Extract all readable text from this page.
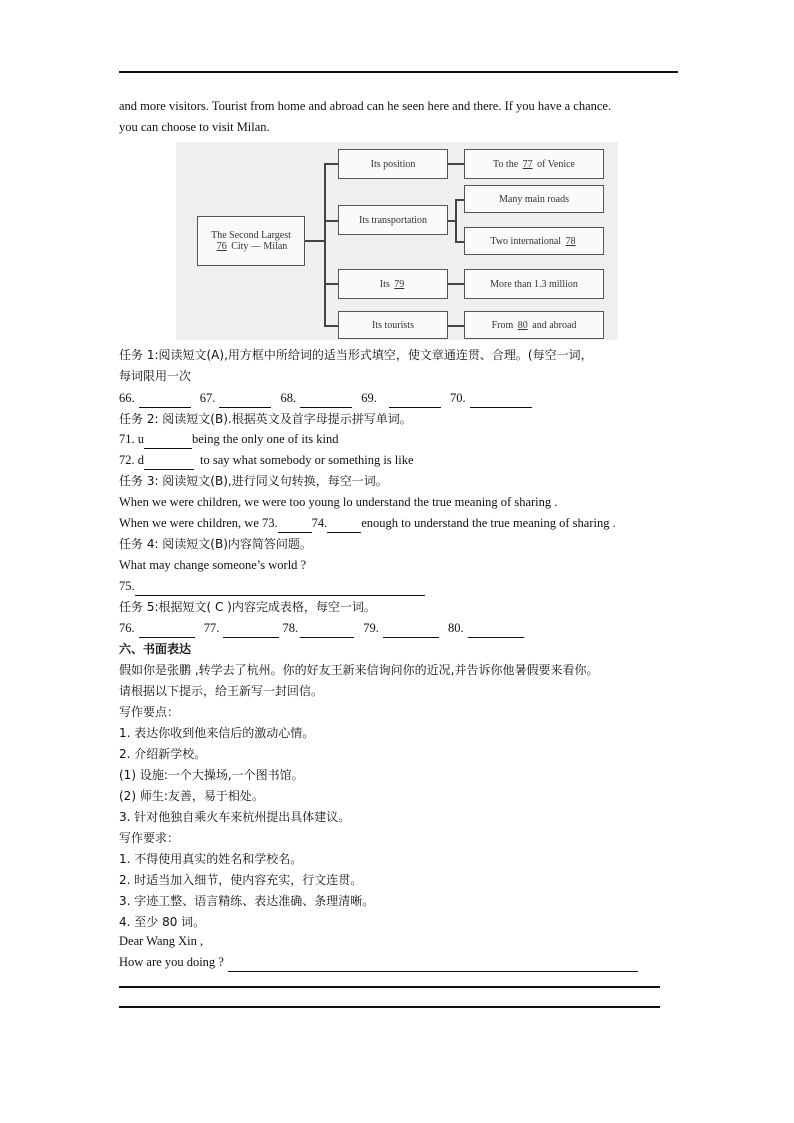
and more visitors. Tourist from home and abroad can he seen here and there. If you have a chance.
you can choose to visit Milan.
The Second Largest
76 City — Milan
Its position
Its transportation
Its
79
Its tourists
To the
77
of Venice
Many main roads
Two international
78
More than 1.3 million
From
80
and abroad
任务 1:阅读短文(A),用方框中所给词的适当形式填空，使文章通连贯、合理。(每空一词，
每词限用一次
66.	67.	68.	69.	70.
任务 2: 阅读短文(B).根据英文及首字母提示拼写单词。
71. u	being the only one of its kind
72. d	to say what somebody or something is like
任务 3: 阅读短文(B),进行同义句转换，每空一词。
When we were children, we were too young lo understand the true meaning of sharing .
When we were children, we 73.	74.	enough to understand the true meaning of sharing .
任务 4: 阅读短文(B)内容简答问题。
What may change someone’s world ?
75.
任务 5:根据短文( C )内容完成表格，每空一词。
76.	77.	78.	79.	80.
六、书面表达
假如你是张鹏 ,转学去了杭州。你的好友王新来信询问你的近况,并告诉你他暑假要来看你。
请根据以下提示，给王新写一封回信。
写作要点：
1. 表达你收到他来信后的激动心情。
2. 介绍新学校。
(1) 设施:一个大操场,一个图书馆。
(2) 师生:友善，易于相处。
3. 针对他独自乘火车来杭州提出具体建议。
写作要求：
1. 不得使用真实的姓名和学校名。
2. 时适当加入细节，使内容充实，行文连贯。
3. 字迹工整、语言精练、表达准确、条理清晰。
4. 至少 80 词。
Dear Wang Xin ,
How are you doing ?
